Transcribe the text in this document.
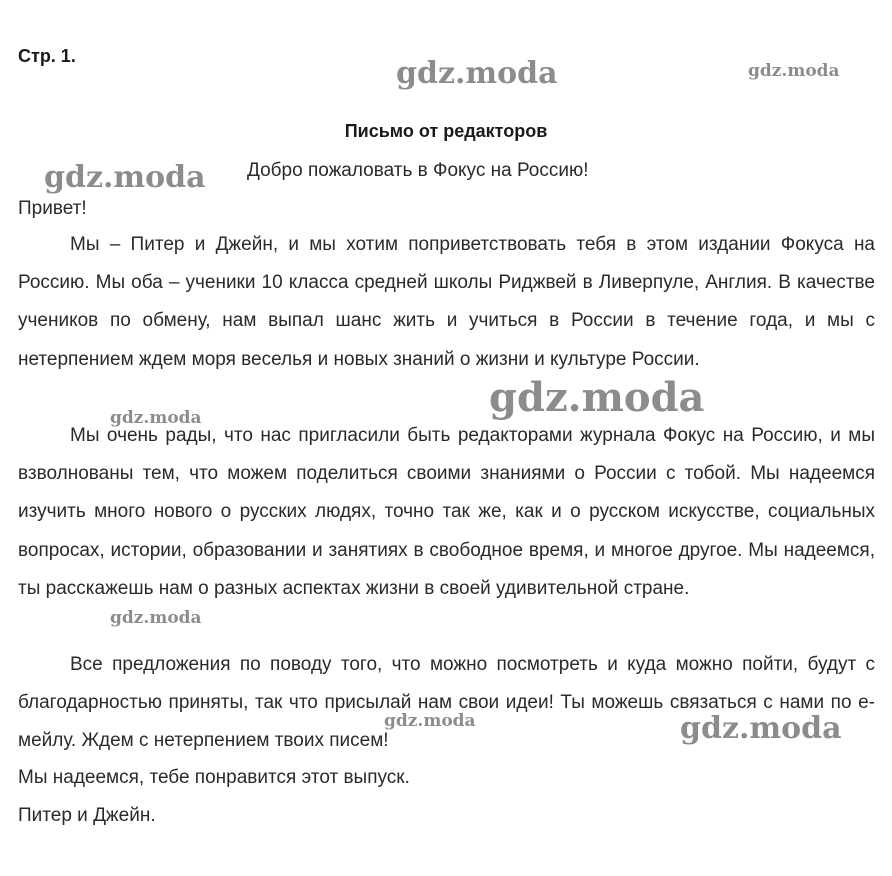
Стр. 1.
Письмо от редакторов
Добро пожаловать в Фокус на Россию!
Привет!

Мы – Питер и Джейн, и мы хотим поприветствовать тебя в этом издании Фокуса на Россию. Мы оба – ученики 10 класса средней школы Риджвей в Ливерпуле, Англия. В качестве учеников по обмену, нам выпал шанс жить и учиться в России в течение года, и мы с нетерпением ждем моря веселья и новых знаний о жизни и культуре России.

Мы очень рады, что нас пригласили быть редакторами журнала Фокус на Россию, и мы взволнованы тем, что можем поделиться своими знаниями о России с тобой. Мы надеемся изучить много нового о русских людях, точно так же, как и о русском искусстве, социальных вопросах, истории, образовании и занятиях в свободное время, и многое другое. Мы надеемся, ты расскажешь нам о разных аспектах жизни в своей удивительной стране.

Все предложения по поводу того, что можно посмотреть и куда можно пойти, будут с благодарностью приняты, так что присылай нам свои идеи! Ты можешь связаться с нами по e-мейлу. Ждем с нетерпением твоих писем!

Мы надеемся, тебе понравится этот выпуск.
Питер и Джейн.
gdz.moda	gdz.moda
gdz.moda
gdz.moda
gdz.moda
gdz.moda
gdz.moda	gdz.moda
